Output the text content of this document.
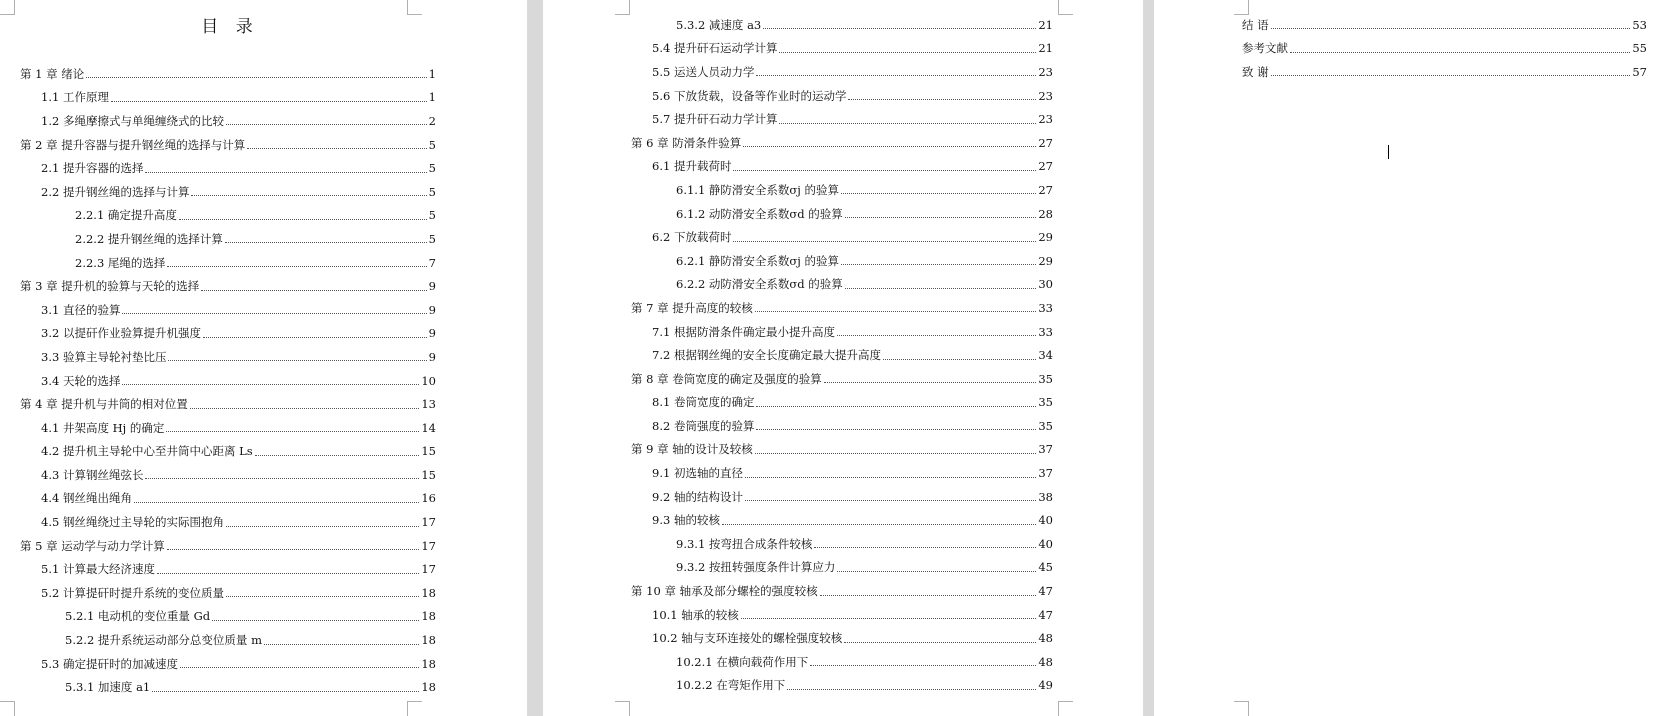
目 录
第 1 章 绪论	1
1.1 工作原理	1
1.2 多绳摩擦式与单绳缠绕式的比较	2
第 2 章 提升容器与提升钢丝绳的选择与计算	5
2.1 提升容器的选择	5
2.2 提升钢丝绳的选择与计算	5
2.2.1 确定提升高度	5
2.2.2 提升钢丝绳的选择计算	5
2.2.3 尾绳的选择	7
第 3 章 提升机的验算与天轮的选择	9
3.1 直径的验算	9
3.2 以提矸作业验算提升机强度	9
3.3 验算主导轮衬垫比压	9
3.4 天轮的选择	10
第 4 章 提升机与井筒的相对位置	13
4.1 井架高度 Hj 的确定	14
4.2 提升机主导轮中心至井筒中心距离 Ls	15
4.3 计算钢丝绳弦长	15
4.4 钢丝绳出绳角	16
4.5 钢丝绳绕过主导轮的实际围抱角	17
第 5 章 运动学与动力学计算	17
5.1 计算最大经济速度	17
5.2 计算提矸时提升系统的变位质量	18
5.2.1 电动机的变位重量 Gd	18
5.2.2 提升系统运动部分总变位质量 m	18
5.3 确定提矸时的加减速度	18
5.3.1 加速度 a1	18
5.3.2 减速度 a3	21
5.4 提升矸石运动学计算	21
5.5 运送人员动力学	23
5.6 下放货载，设备等作业时的运动学	23
5.7 提升矸石动力学计算	23
第 6 章 防滑条件验算	27
6.1 提升载荷时	27
6.1.1 静防滑安全系数σj 的验算	27
6.1.2 动防滑安全系数σd 的验算	28
6.2 下放载荷时	29
6.2.1 静防滑安全系数σj 的验算	29
6.2.2 动防滑安全系数σd 的验算	30
第 7 章 提升高度的较核	33
7.1 根据防滑条件确定最小提升高度	33
7.2 根据钢丝绳的安全长度确定最大提升高度	34
第 8 章 卷筒宽度的确定及强度的验算	35
8.1 卷筒宽度的确定	35
8.2 卷筒强度的验算	35
第 9 章 轴的设计及较核	37
9.1 初选轴的直径	37
9.2 轴的结构设计	38
9.3 轴的较核	40
9.3.1 按弯扭合成条件较核	40
9.3.2 按扭转强度条件计算应力	45
第 10 章 轴承及部分螺栓的强度较核	47
10.1 轴承的较核	47
10.2 轴与支环连接处的螺栓强度较核	48
10.2.1 在横向载荷作用下	48
10.2.2 在弯矩作用下	49
结 语	53
参考文献	55
致 谢	57
